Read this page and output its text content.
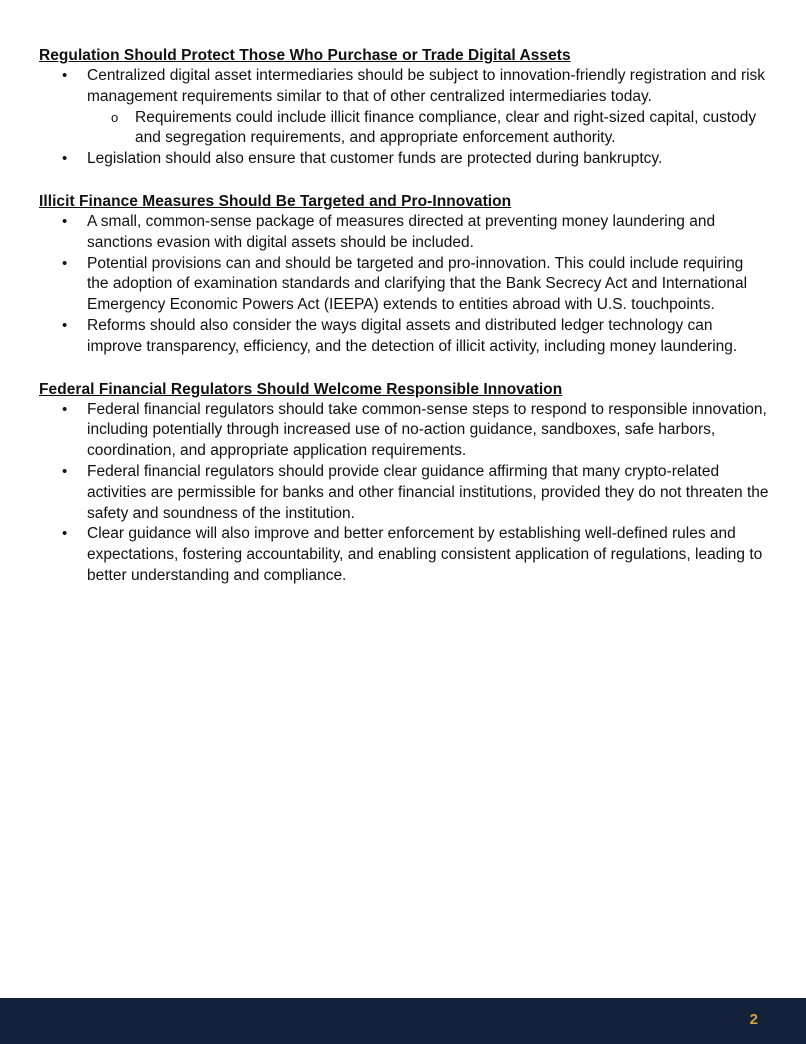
Regulation Should Protect Those Who Purchase or Trade Digital Assets

• Centralized digital asset intermediaries should be subject to innovation-friendly registration and risk management requirements similar to that of other centralized intermediaries today.
o Requirements could include illicit finance compliance, clear and right-sized capital, custody and segregation requirements, and appropriate enforcement authority.
• Legislation should also ensure that customer funds are protected during bankruptcy.

Illicit Finance Measures Should Be Targeted and Pro-Innovation

• A small, common-sense package of measures directed at preventing money laundering and sanctions evasion with digital assets should be included.
• Potential provisions can and should be targeted and pro-innovation. This could include requiring the adoption of examination standards and clarifying that the Bank Secrecy Act and International Emergency Economic Powers Act (IEEPA) extends to entities abroad with U.S. touchpoints.
• Reforms should also consider the ways digital assets and distributed ledger technology can improve transparency, efficiency, and the detection of illicit activity, including money laundering.

Federal Financial Regulators Should Welcome Responsible Innovation

• Federal financial regulators should take common-sense steps to respond to responsible innovation, including potentially through increased use of no-action guidance, sandboxes, safe harbors, coordination, and appropriate application requirements.
• Federal financial regulators should provide clear guidance affirming that many crypto-related activities are permissible for banks and other financial institutions, provided they do not threaten the safety and soundness of the institution.
• Clear guidance will also improve and better enforcement by establishing well-defined rules and expectations, fostering accountability, and enabling consistent application of regulations, leading to better understanding and compliance.
2
